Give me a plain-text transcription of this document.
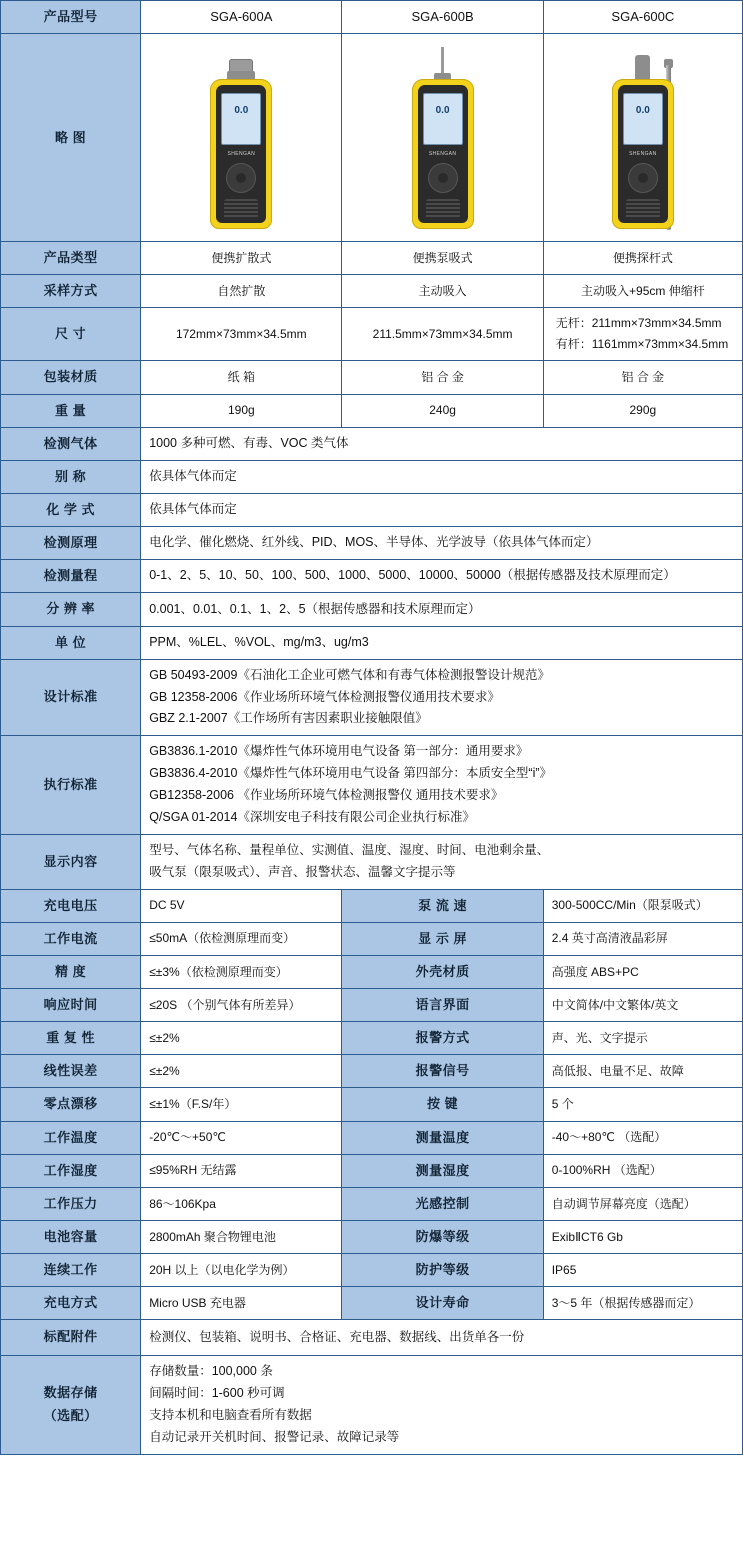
产品型号	SGA-600A	SGA-600B	SGA-600C
略 图	
0.0
SHENGAN

0.0
SHENGAN

0.0
SHENGAN

产品类型	便携扩散式	便携泵吸式	便携探杆式
采样方式	自然扩散	主动吸入	主动吸入+95cm 伸缩杆
尺 寸	172mm×73mm×34.5mm	211.5mm×73mm×34.5mm	无杆：211mm×73mm×34.5mm
有杆：1161mm×73mm×34.5mm
包装材质	纸 箱	铝 合 金	铝 合 金
重 量	190g	240g	290g
检测气体	1000 多种可燃、有毒、VOC 类气体		
别 称	依具体气体而定		
化 学 式	依具体气体而定		
检测原理	电化学、催化燃烧、红外线、PID、MOS、半导体、光学波导（依具体气体而定）		
检测量程	0-1、2、5、10、50、100、500、1000、5000、10000、50000（根据传感器及技术原理而定）		
分 辨 率	0.001、0.01、0.1、1、2、5（根据传感器和技术原理而定）		
单 位	PPM、%LEL、%VOL、mg/m3、ug/m3		
设计标准	GB 50493-2009《石油化工企业可燃气体和有毒气体检测报警设计规范》
GB 12358-2006《作业场所环境气体检测报警仪通用技术要求》
GBZ 2.1-2007《工作场所有害因素职业接触限值》		
执行标准	GB3836.1-2010《爆炸性气体环境用电气设备 第一部分：通用要求》
GB3836.4-2010《爆炸性气体环境用电气设备 第四部分：本质安全型“i”》
GB12358-2006 《作业场所环境气体检测报警仪 通用技术要求》
Q/SGA 01-2014《深圳安电子科技有限公司企业执行标准》		
显示内容	型号、气体名称、量程单位、实测值、温度、湿度、时间、电池剩余量、
吸气泵（限泵吸式）、声音、报警状态、温馨文字提示等		
充电电压	DC 5V	泵 流 速	300-500CC/Min（限泵吸式）
工作电流	≤50mA（依检测原理而变）	显 示 屏	2.4 英寸高清液晶彩屏
精 度	≤±3%（依检测原理而变）	外壳材质	高强度 ABS+PC
响应时间	≤20S （个别气体有所差异）	语言界面	中文简体/中文繁体/英文
重 复 性	≤±2%	报警方式	声、光、文字提示
线性误差	≤±2%	报警信号	高低报、电量不足、故障
零点漂移	≤±1%（F.S/年）	按 键	5 个
工作温度	-20℃～+50℃	测量温度	-40～+80℃ （选配）
工作湿度	≤95%RH 无结露	测量湿度	0-100%RH （选配）
工作压力	86～106Kpa	光感控制	自动调节屏幕亮度（选配）
电池容量	2800mAh 聚合物锂电池	防爆等级	ExibⅡCT6 Gb
连续工作	20H 以上（以电化学为例）	防护等级	IP65
充电方式	Micro USB 充电器	设计寿命	3～5 年（根据传感器而定）
标配附件	检测仪、包装箱、说明书、合格证、充电器、数据线、出货单各一份		
数据存储
（选配）	存储数量：100,000 条
间隔时间：1-600 秒可调
支持本机和电脑查看所有数据
自动记录开关机时间、报警记录、故障记录等		
